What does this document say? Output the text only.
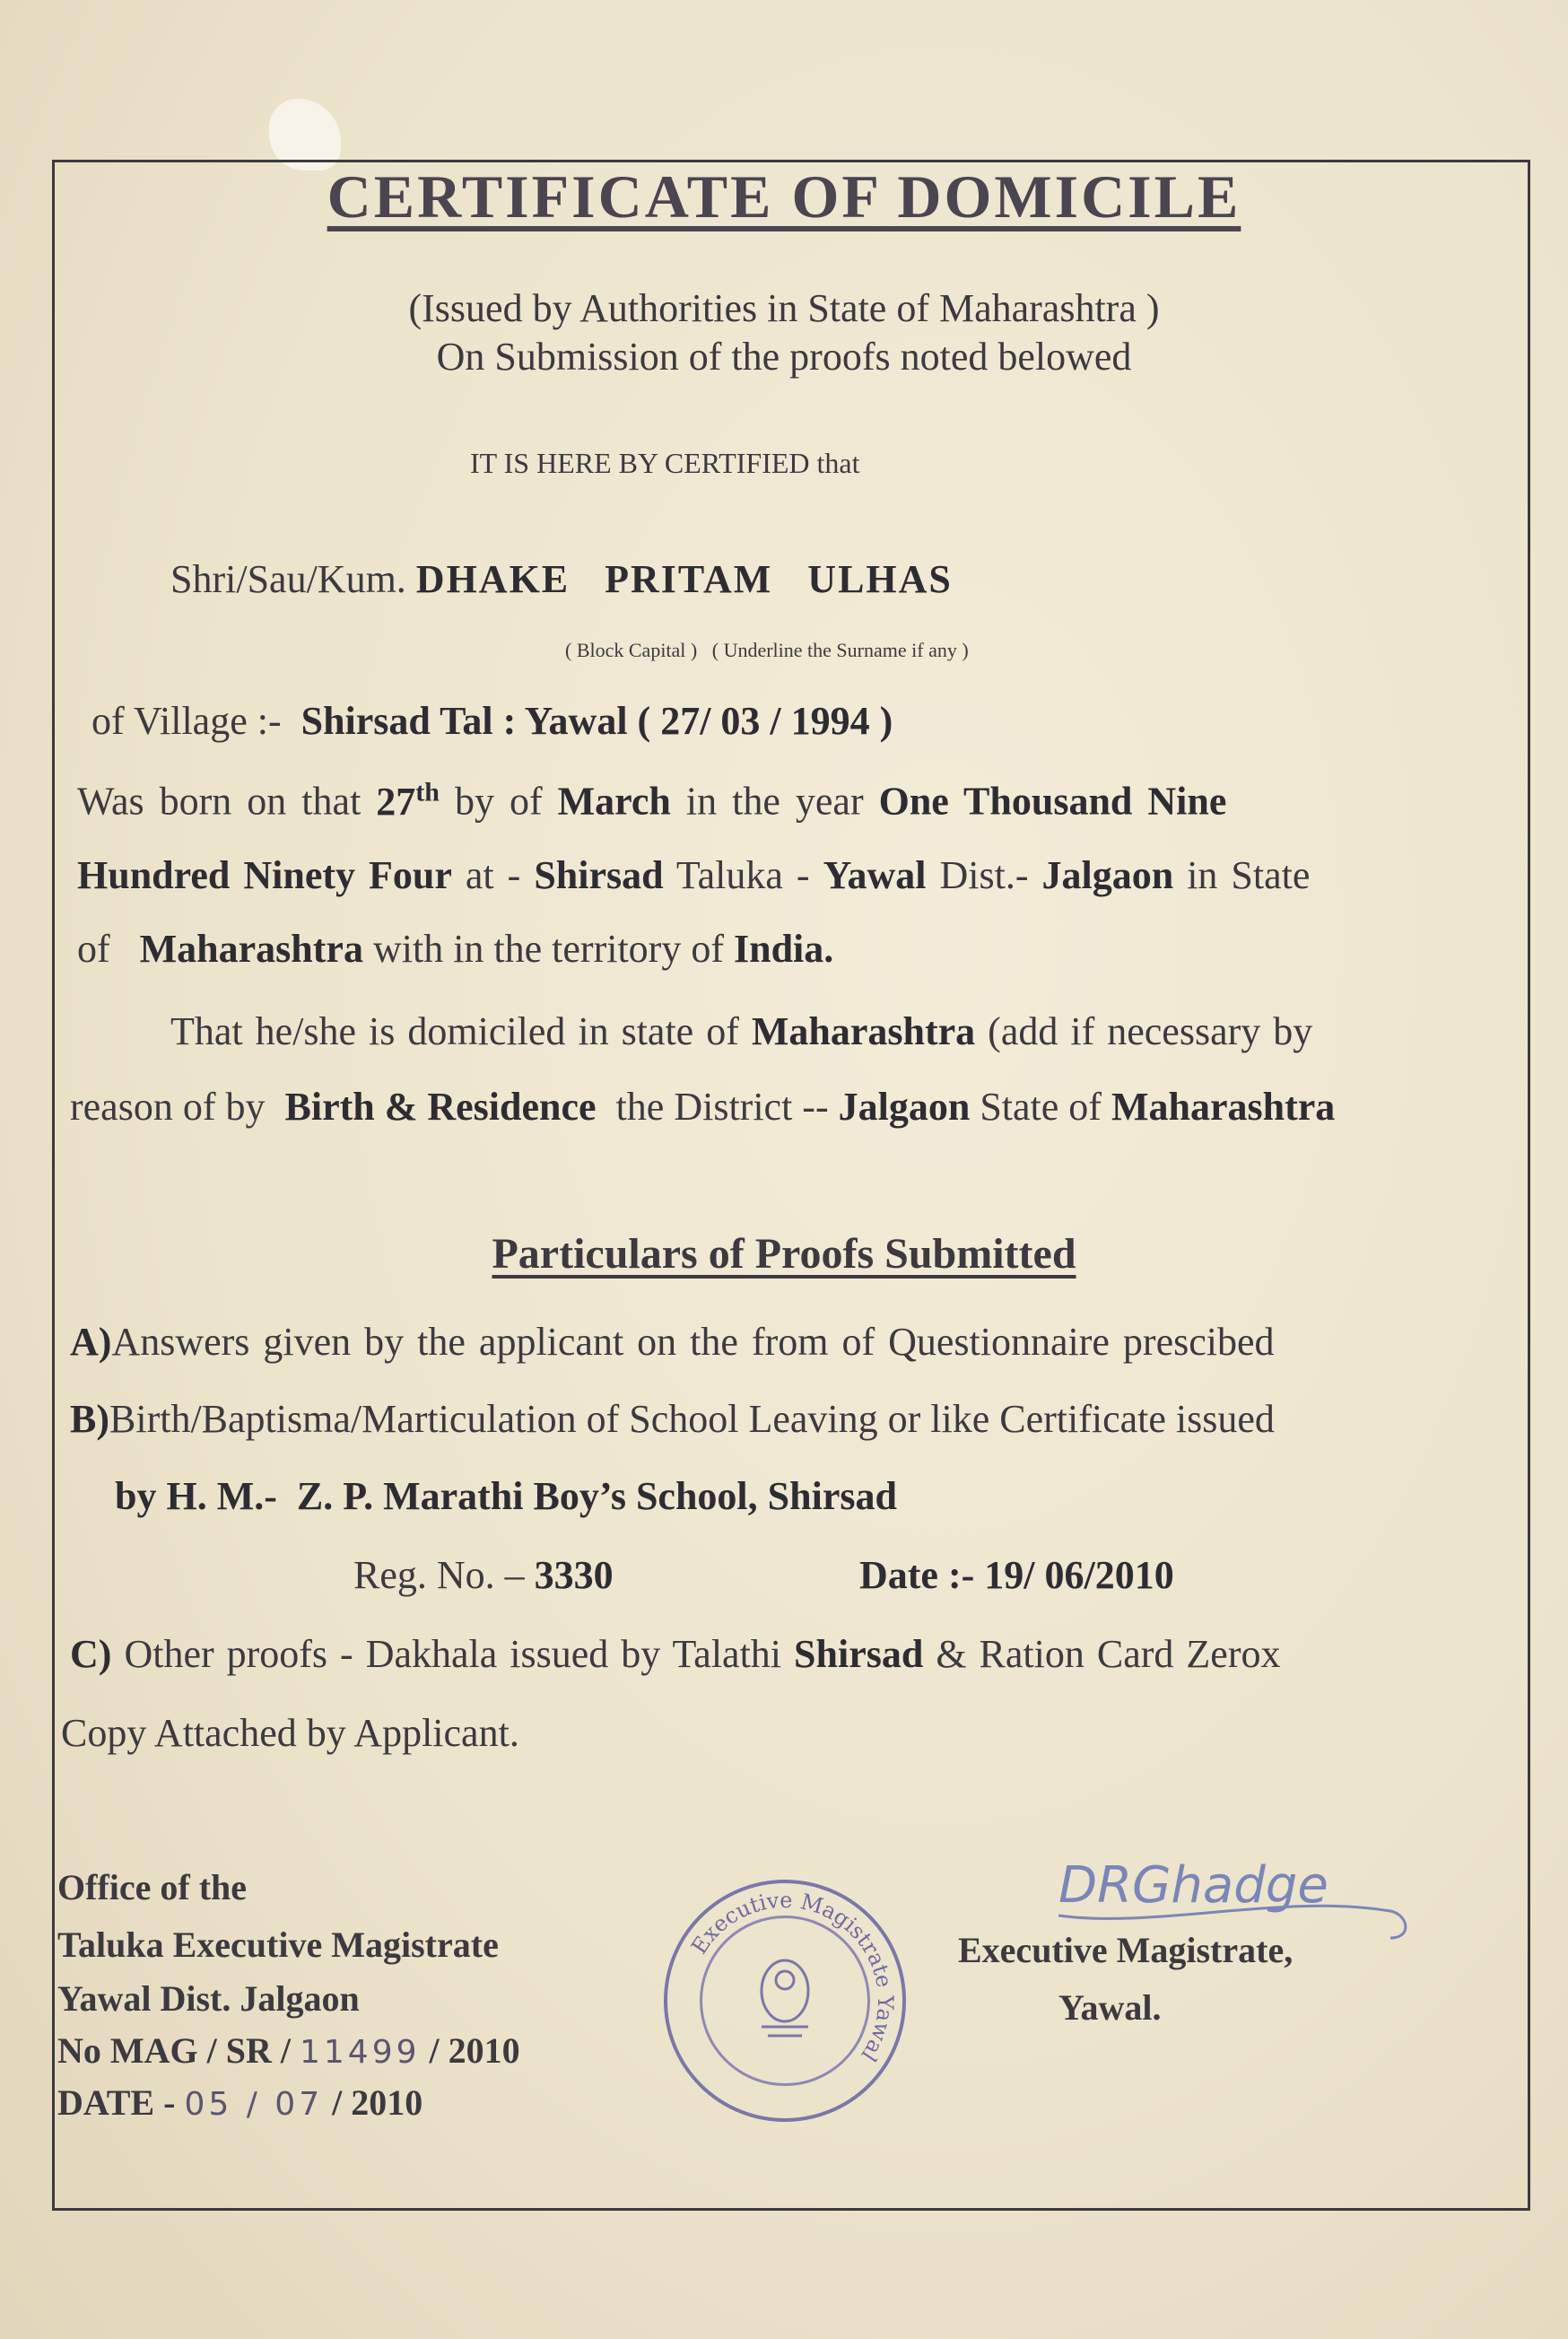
CERTIFICATE OF DOMICILE
(Issued by Authorities in State of Maharashtra )
On Submission of the proofs noted belowed
IT IS HERE BY CERTIFIED that
Shri/Sau/Kum. DHAKE   PRITAM   ULHAS
( Block Capital ) ( Underline the Surname if any )
of Village :- Shirsad Tal : Yawal ( 27/ 03 / 1994 )
Was born on that 27th by of March in the year One Thousand Nine
Hundred Ninety Four at - Shirsad Taluka - Yawal Dist.- Jalgaon in State
of Maharashtra with in the territory of India.
That he/she is domiciled in state of Maharashtra (add if necessary by
reason of by Birth & Residence the District -- Jalgaon State of Maharashtra
Particulars of Proofs Submitted
A)Answers given by the applicant on the from of Questionnaire prescibed
B)Birth/Baptisma/Marticulation of School Leaving or like Certificate issued
by H. M.-  Z. P. Marathi Boy’s School, Shirsad
Reg. No. – 3330	Date :- 19/ 06/2010
C) Other proofs - Dakhala issued by Talathi Shirsad & Ration Card Zerox
Copy Attached by Applicant.
Office of the
Taluka Executive Magistrate
Yawal Dist. Jalgaon
No MAG / SR / 11499 / 2010
DATE - 05 / 07 / 2010
Executive Magistrate Yawal
DRGhadge
Executive Magistrate,
Yawal.
